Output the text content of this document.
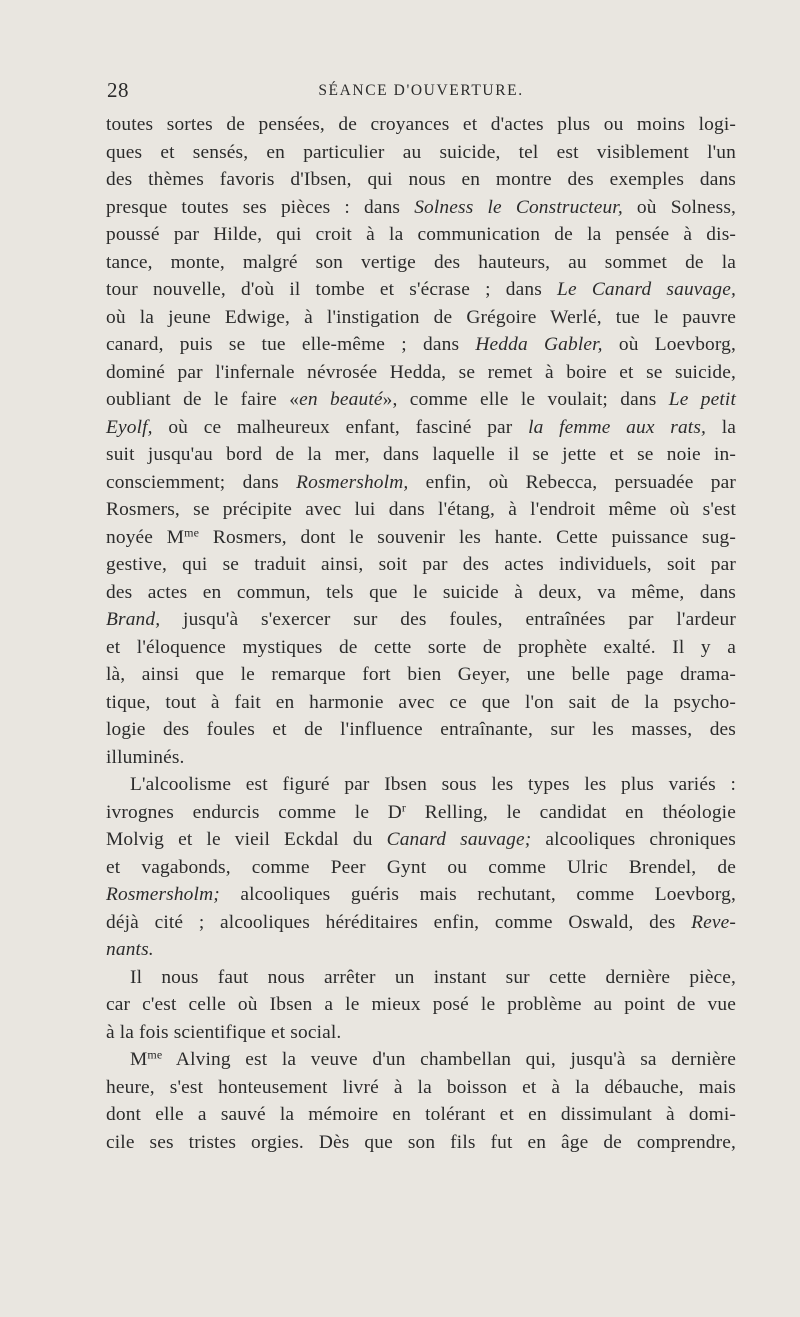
28	SÉANCE D'OUVERTURE.
toutes sortes de pensées, de croyances et d'actes plus ou moins logi-
ques et sensés, en particulier au suicide, tel est visiblement l'un
des thèmes favoris d'Ibsen, qui nous en montre des exemples dans
presque toutes ses pièces : dans Solness le Constructeur, où Solness,
poussé par Hilde, qui croit à la communication de la pensée à dis-
tance, monte, malgré son vertige des hauteurs, au sommet de la
tour nouvelle, d'où il tombe et s'écrase ; dans Le Canard sauvage,
où la jeune Edwige, à l'instigation de Grégoire Werlé, tue le pauvre
canard, puis se tue elle-même ; dans Hedda Gabler, où Loevborg,
dominé par l'infernale névrosée Hedda, se remet à boire et se suicide,
oubliant de le faire «en beauté», comme elle le voulait; dans Le petit
Eyolf, où ce malheureux enfant, fasciné par la femme aux rats, la
suit jusqu'au bord de la mer, dans laquelle il se jette et se noie in-
consciemment; dans Rosmersholm, enfin, où Rebecca, persuadée par
Rosmers, se précipite avec lui dans l'étang, à l'endroit même où s'est
noyée $M^{me}$ Rosmers, dont le souvenir les hante. Cette puissance sug-
gestive, qui se traduit ainsi, soit par des actes individuels, soit par
des actes en commun, tels que le suicide à deux, va même, dans
Brand, jusqu'à s'exercer sur des foules, entraînées par l'ardeur
et l'éloquence mystiques de cette sorte de prophète exalté. Il y a
là, ainsi que le remarque fort bien Geyer, une belle page drama-
tique, tout à fait en harmonie avec ce que l'on sait de la psycho-
logie des foules et de l'influence entraînante, sur les masses, des
illuminés.
L'alcoolisme est figuré par Ibsen sous les types les plus variés :
ivrognes endurcis comme le $D^r$ Relling, le candidat en théologie
Molvig et le vieil Eckdal du Canard sauvage; alcooliques chroniques
et vagabonds, comme Peer Gynt ou comme Ulric Brendel, de
Rosmersholm; alcooliques guéris mais rechutant, comme Loevborg,
déjà cité ; alcooliques héréditaires enfin, comme Oswald, des Reve-
nants.
Il nous faut nous arrêter un instant sur cette dernière pièce,
car c'est celle où Ibsen a le mieux posé le problème au point de vue
à la fois scientifique et social.
$M^{me}$ Alving est la veuve d'un chambellan qui, jusqu'à sa dernière
heure, s'est honteusement livré à la boisson et à la débauche, mais
dont elle a sauvé la mémoire en tolérant et en dissimulant à domi-
cile ses tristes orgies. Dès que son fils fut en âge de comprendre,
